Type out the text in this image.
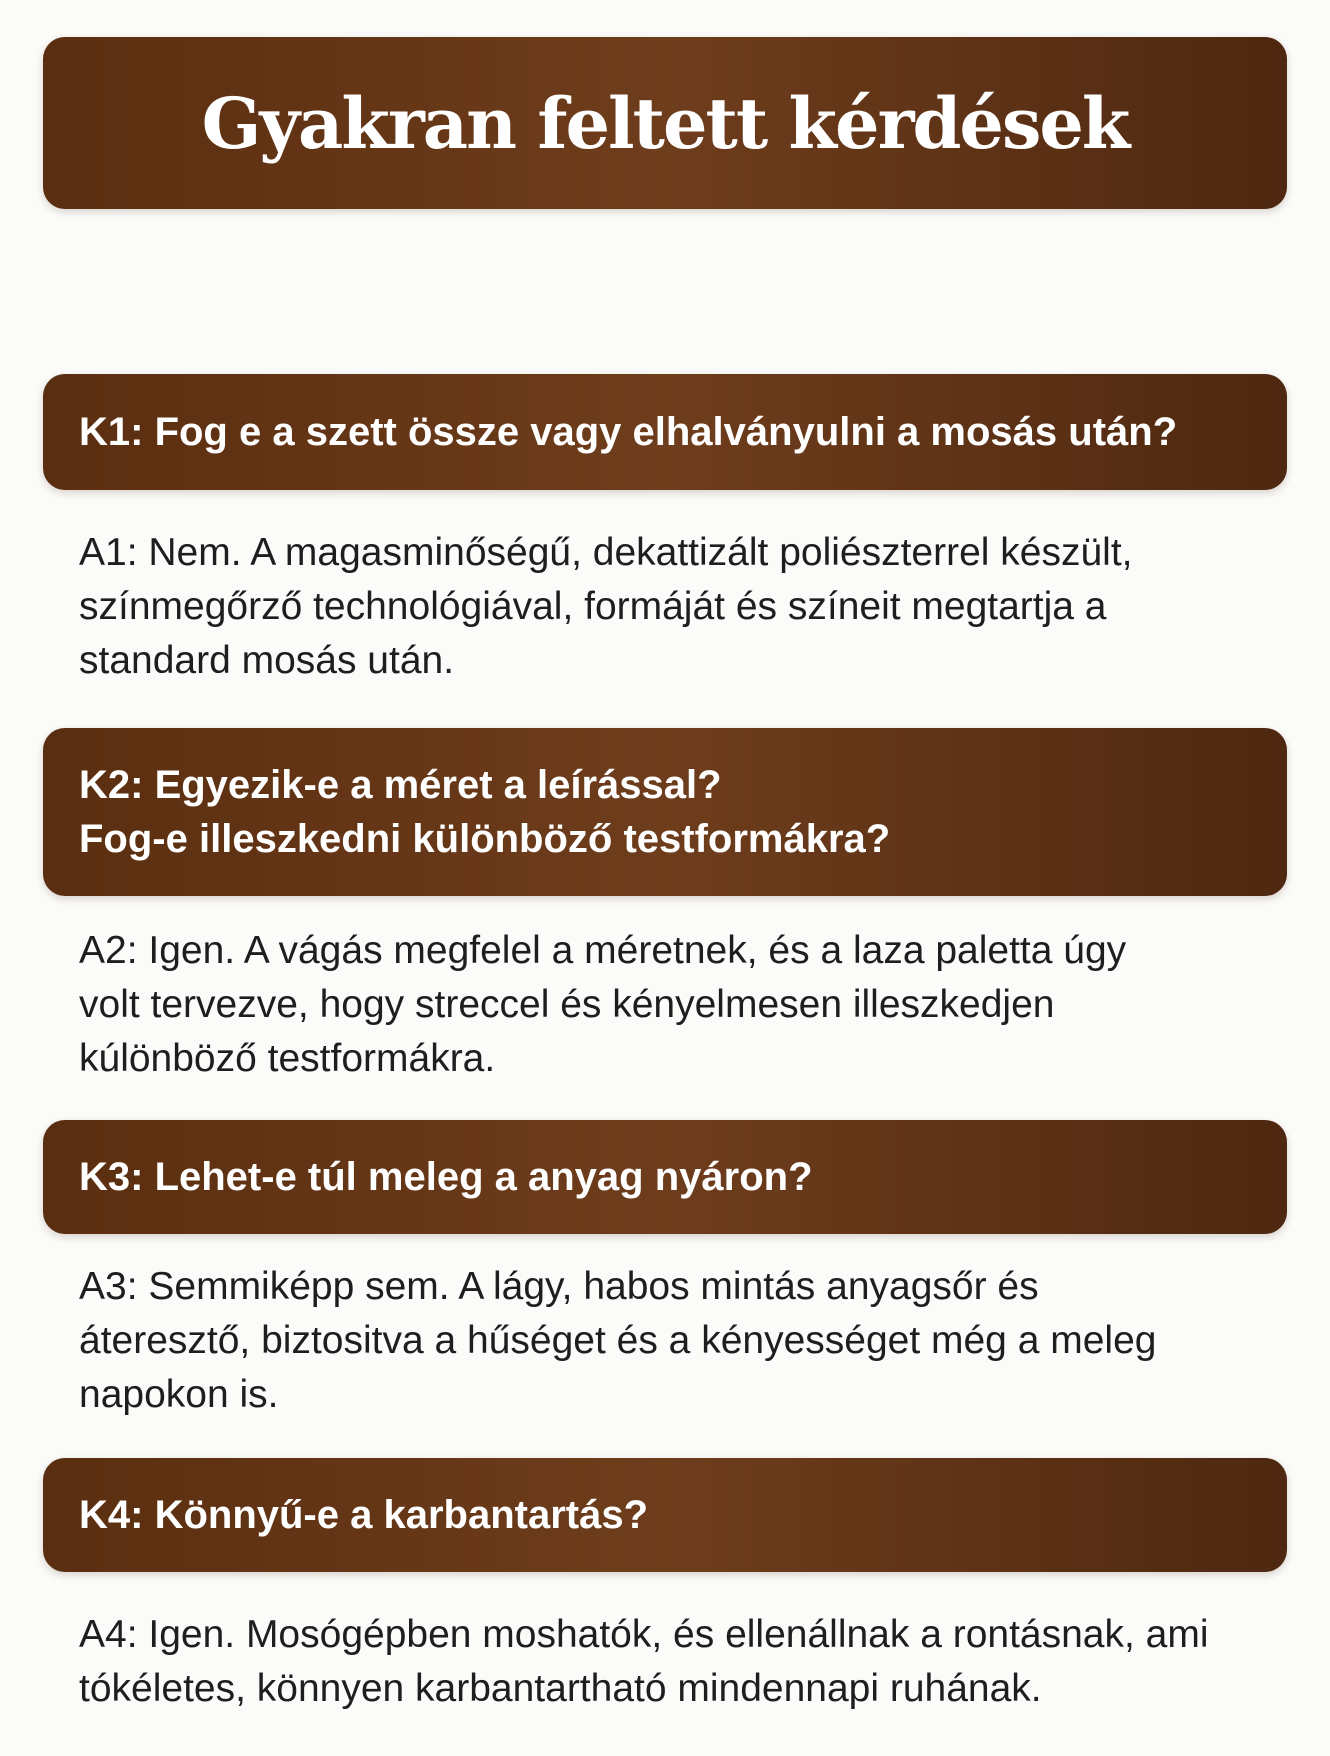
Gyakran feltett kérdések
K1: Fog e a szett össze vagy elhalványulni a mosás után?
A1: Nem. A magasminőségű, dekattizált poliészterrel készült,
színmegőrző technológiával, formáját és színeit megtartja a
standard mosás után.
K2: Egyezik-e a méret a leírással?
Fog-e illeszkedni különböző testformákra?
A2: Igen. A vágás megfelel a méretnek, és a laza paletta úgy
volt tervezve, hogy streccel és kényelmesen illeszkedjen
kúlönböző testformákra.
K3: Lehet-e túl meleg a anyag nyáron?
A3: Semmiképp sem. A lágy, habos mintás anyagsőr és
áteresztő, biztositva a hűséget és a kényességet még a meleg
napokon is.
K4: Könnyű-e a karbantartás?
A4: Igen. Mosógépben moshatók, és ellenállnak a rontásnak, ami
tókéletes, könnyen karbantartható mindennapi ruhának.
